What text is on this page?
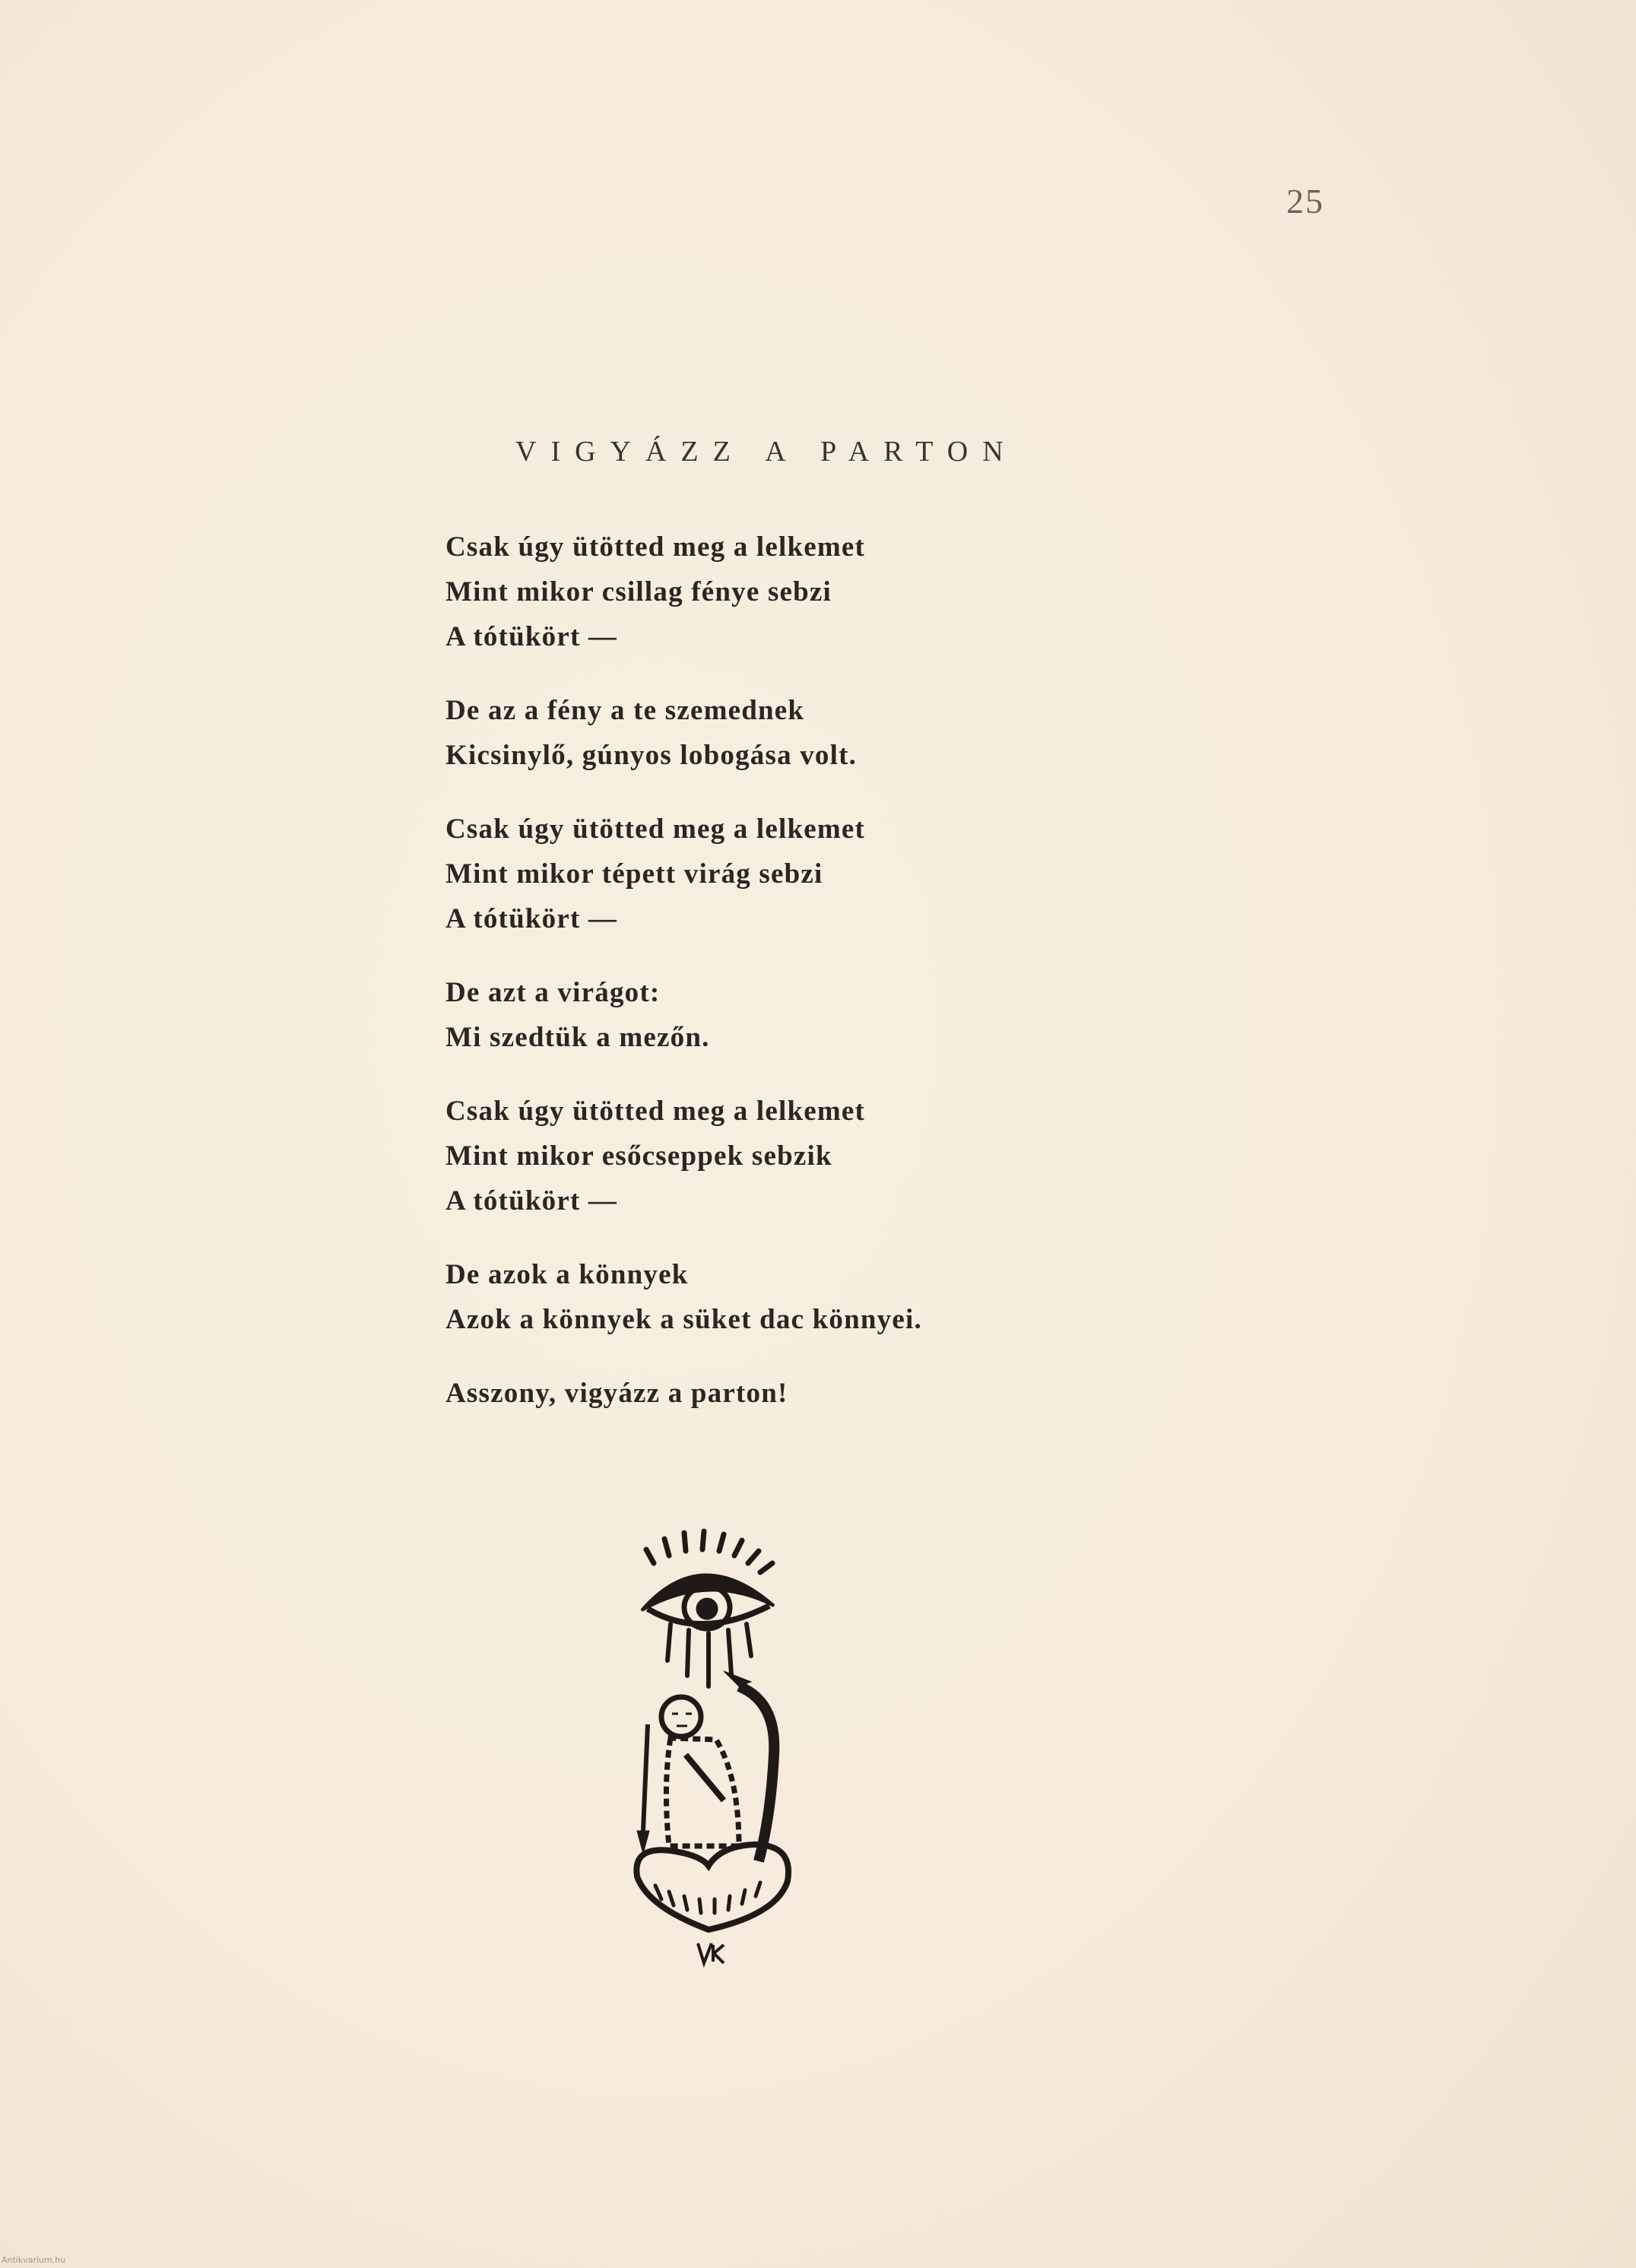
25
VIGYÁZZ A PARTON
Csak úgy ütötted meg a lelkemet
Mint mikor csillag fénye sebzi
A tótükört —
De az a fény a te szemednek
Kicsinylő, gúnyos lobogása volt.
Csak úgy ütötted meg a lelkemet
Mint mikor tépett virág sebzi
A tótükört —
De azt a virágot:
Mi szedtük a mezőn.
Csak úgy ütötted meg a lelkemet
Mint mikor esőcseppek sebzik
A tótükört —
De azok a könnyek
Azok a könnyek a süket dac könnyei.
Asszony, vigyázz a parton!
Antikvarium.hu
